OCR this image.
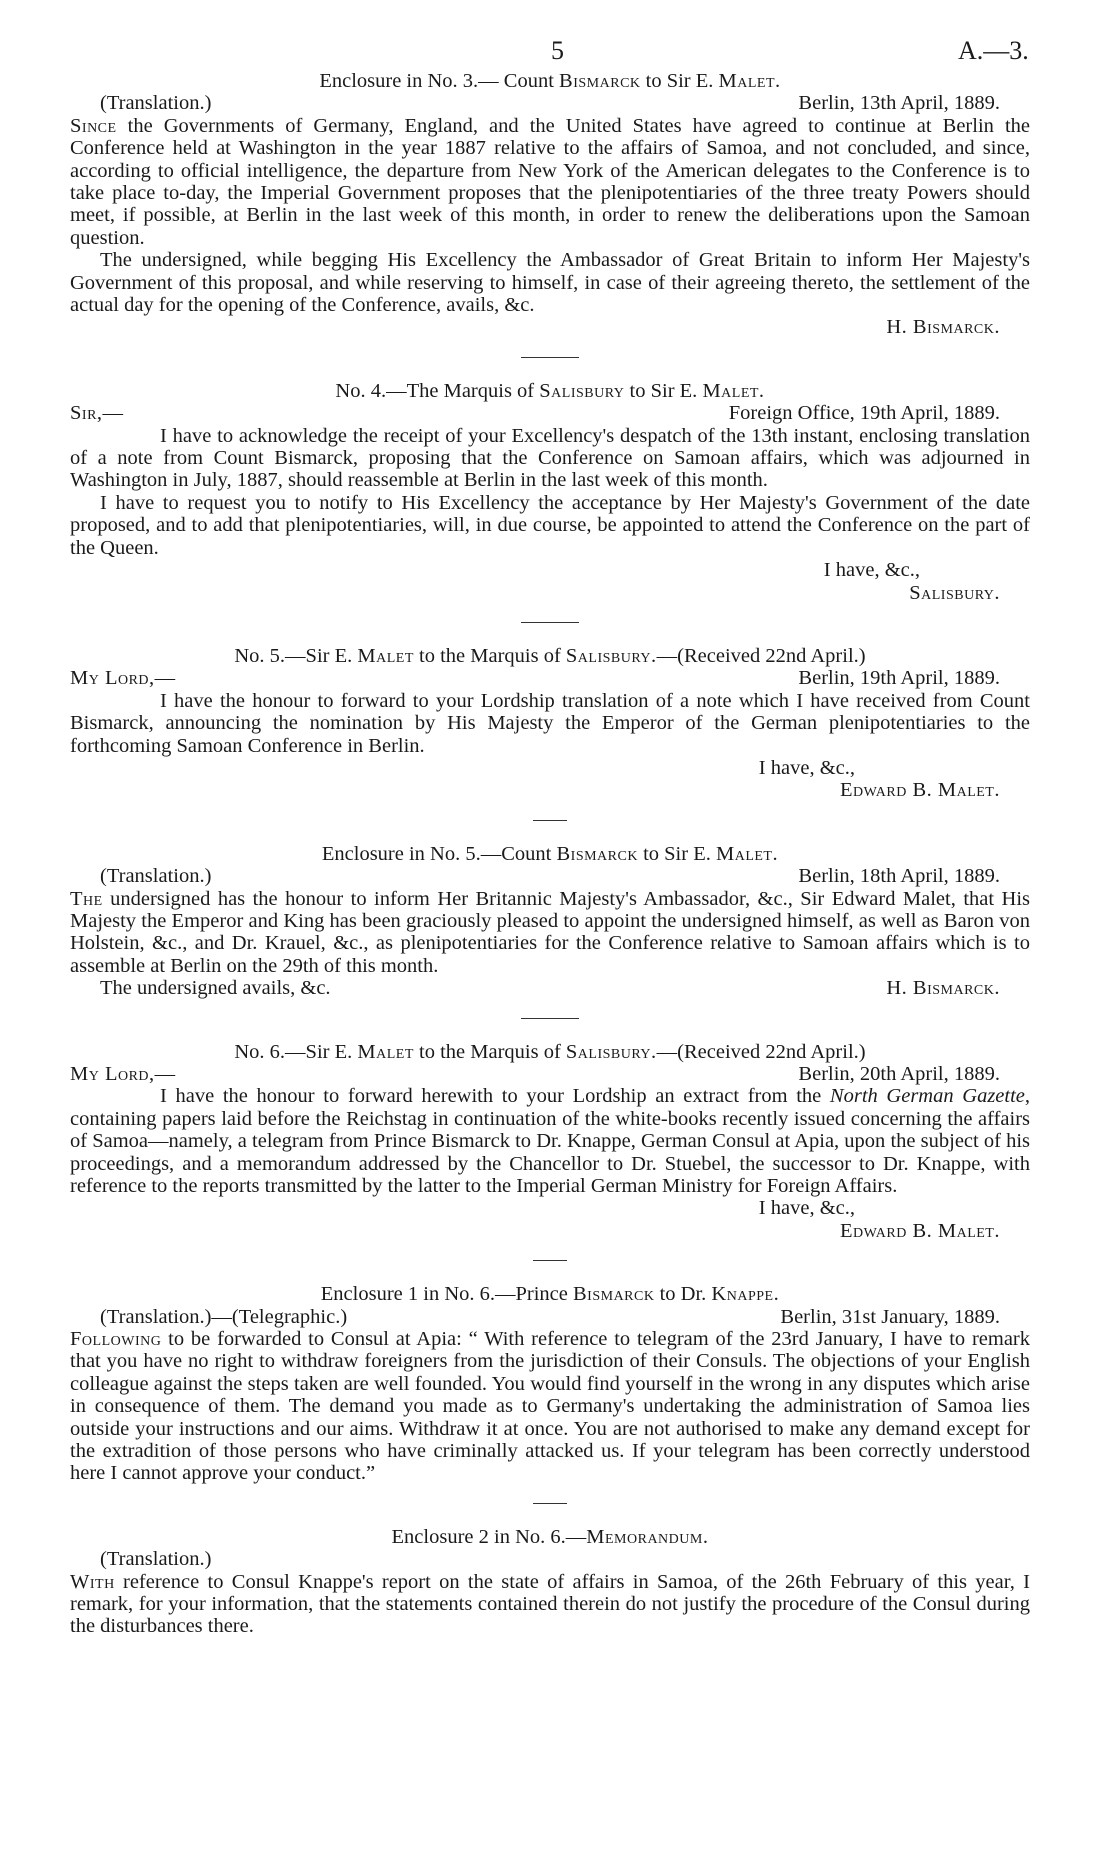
5	A.—3.
Enclosure in No. 3.— Count Bismarck to Sir E. Malet.
(Translation.)	Berlin, 13th April, 1889.

Since the Governments of Germany, England, and the United States have agreed to continue at Berlin the Conference held at Washington in the year 1887 relative to the affairs of Samoa, and not concluded, and since, according to official intelligence, the departure from New York of the American delegates to the Conference is to take place to-day, the Imperial Government proposes that the plenipotentiaries of the three treaty Powers should meet, if possible, at Berlin in the last week of this month, in order to renew the deliberations upon the Samoan question.

The undersigned, while begging His Excellency the Ambassador of Great Britain to inform Her Majesty's Government of this proposal, and while reserving to himself, in case of their agreeing thereto, the settlement of the actual day for the opening of the Conference, avails, &c.

H. Bismarck.
No. 4.—The Marquis of Salisbury to Sir E. Malet.
Sir,—	Foreign Office, 19th April, 1889.

I have to acknowledge the receipt of your Excellency's despatch of the 13th instant, enclosing translation of a note from Count Bismarck, proposing that the Conference on Samoan affairs, which was adjourned in Washington in July, 1887, should reassemble at Berlin in the last week of this month.

I have to request you to notify to His Excellency the acceptance by Her Majesty's Government of the date proposed, and to add that plenipotentiaries, will, in due course, be appointed to attend the Conference on the part of the Queen.

I have, &c.,
Salisbury.
No. 5.—Sir E. Malet to the Marquis of Salisbury.—(Received 22nd April.)
My Lord,—	Berlin, 19th April, 1889.

I have the honour to forward to your Lordship translation of a note which I have received from Count Bismarck, announcing the nomination by His Majesty the Emperor of the German plenipotentiaries to the forthcoming Samoan Conference in Berlin.

I have, &c.,
Edward B. Malet.
Enclosure in No. 5.—Count Bismarck to Sir E. Malet.
(Translation.)	Berlin, 18th April, 1889.

The undersigned has the honour to inform Her Britannic Majesty's Ambassador, &c., Sir Edward Malet, that His Majesty the Emperor and King has been graciously pleased to appoint the undersigned himself, as well as Baron von Holstein, &c., and Dr. Krauel, &c., as plenipotentiaries for the Conference relative to Samoan affairs which is to assemble at Berlin on the 29th of this month.

The undersigned avails, &c.	H. Bismarck.
No. 6.—Sir E. Malet to the Marquis of Salisbury.—(Received 22nd April.)
My Lord,—	Berlin, 20th April, 1889.

I have the honour to forward herewith to your Lordship an extract from the North German Gazette, containing papers laid before the Reichstag in continuation of the white-books recently issued concerning the affairs of Samoa—namely, a telegram from Prince Bismarck to Dr. Knappe, German Consul at Apia, upon the subject of his proceedings, and a memorandum addressed by the Chancellor to Dr. Stuebel, the successor to Dr. Knappe, with reference to the reports transmitted by the latter to the Imperial German Ministry for Foreign Affairs.

I have, &c.,
Edward B. Malet.
Enclosure 1 in No. 6.—Prince Bismarck to Dr. Knappe.
(Translation.)—(Telegraphic.)	Berlin, 31st January, 1889.

Following to be forwarded to Consul at Apia: “ With reference to telegram of the 23rd January, I have to remark that you have no right to withdraw foreigners from the jurisdiction of their Consuls. The objections of your English colleague against the steps taken are well founded. You would find yourself in the wrong in any disputes which arise in consequence of them. The demand you made as to Germany's undertaking the administration of Samoa lies outside your instructions and our aims. Withdraw it at once. You are not authorised to make any demand except for the extradition of those persons who have criminally attacked us. If your telegram has been correctly understood here I cannot approve your conduct.”

Enclosure 2 in No. 6.—Memorandum.
(Translation.)

With reference to Consul Knappe's report on the state of affairs in Samoa, of the 26th February of this year, I remark, for your information, that the statements contained therein do not justify the procedure of the Consul during the disturbances there.
